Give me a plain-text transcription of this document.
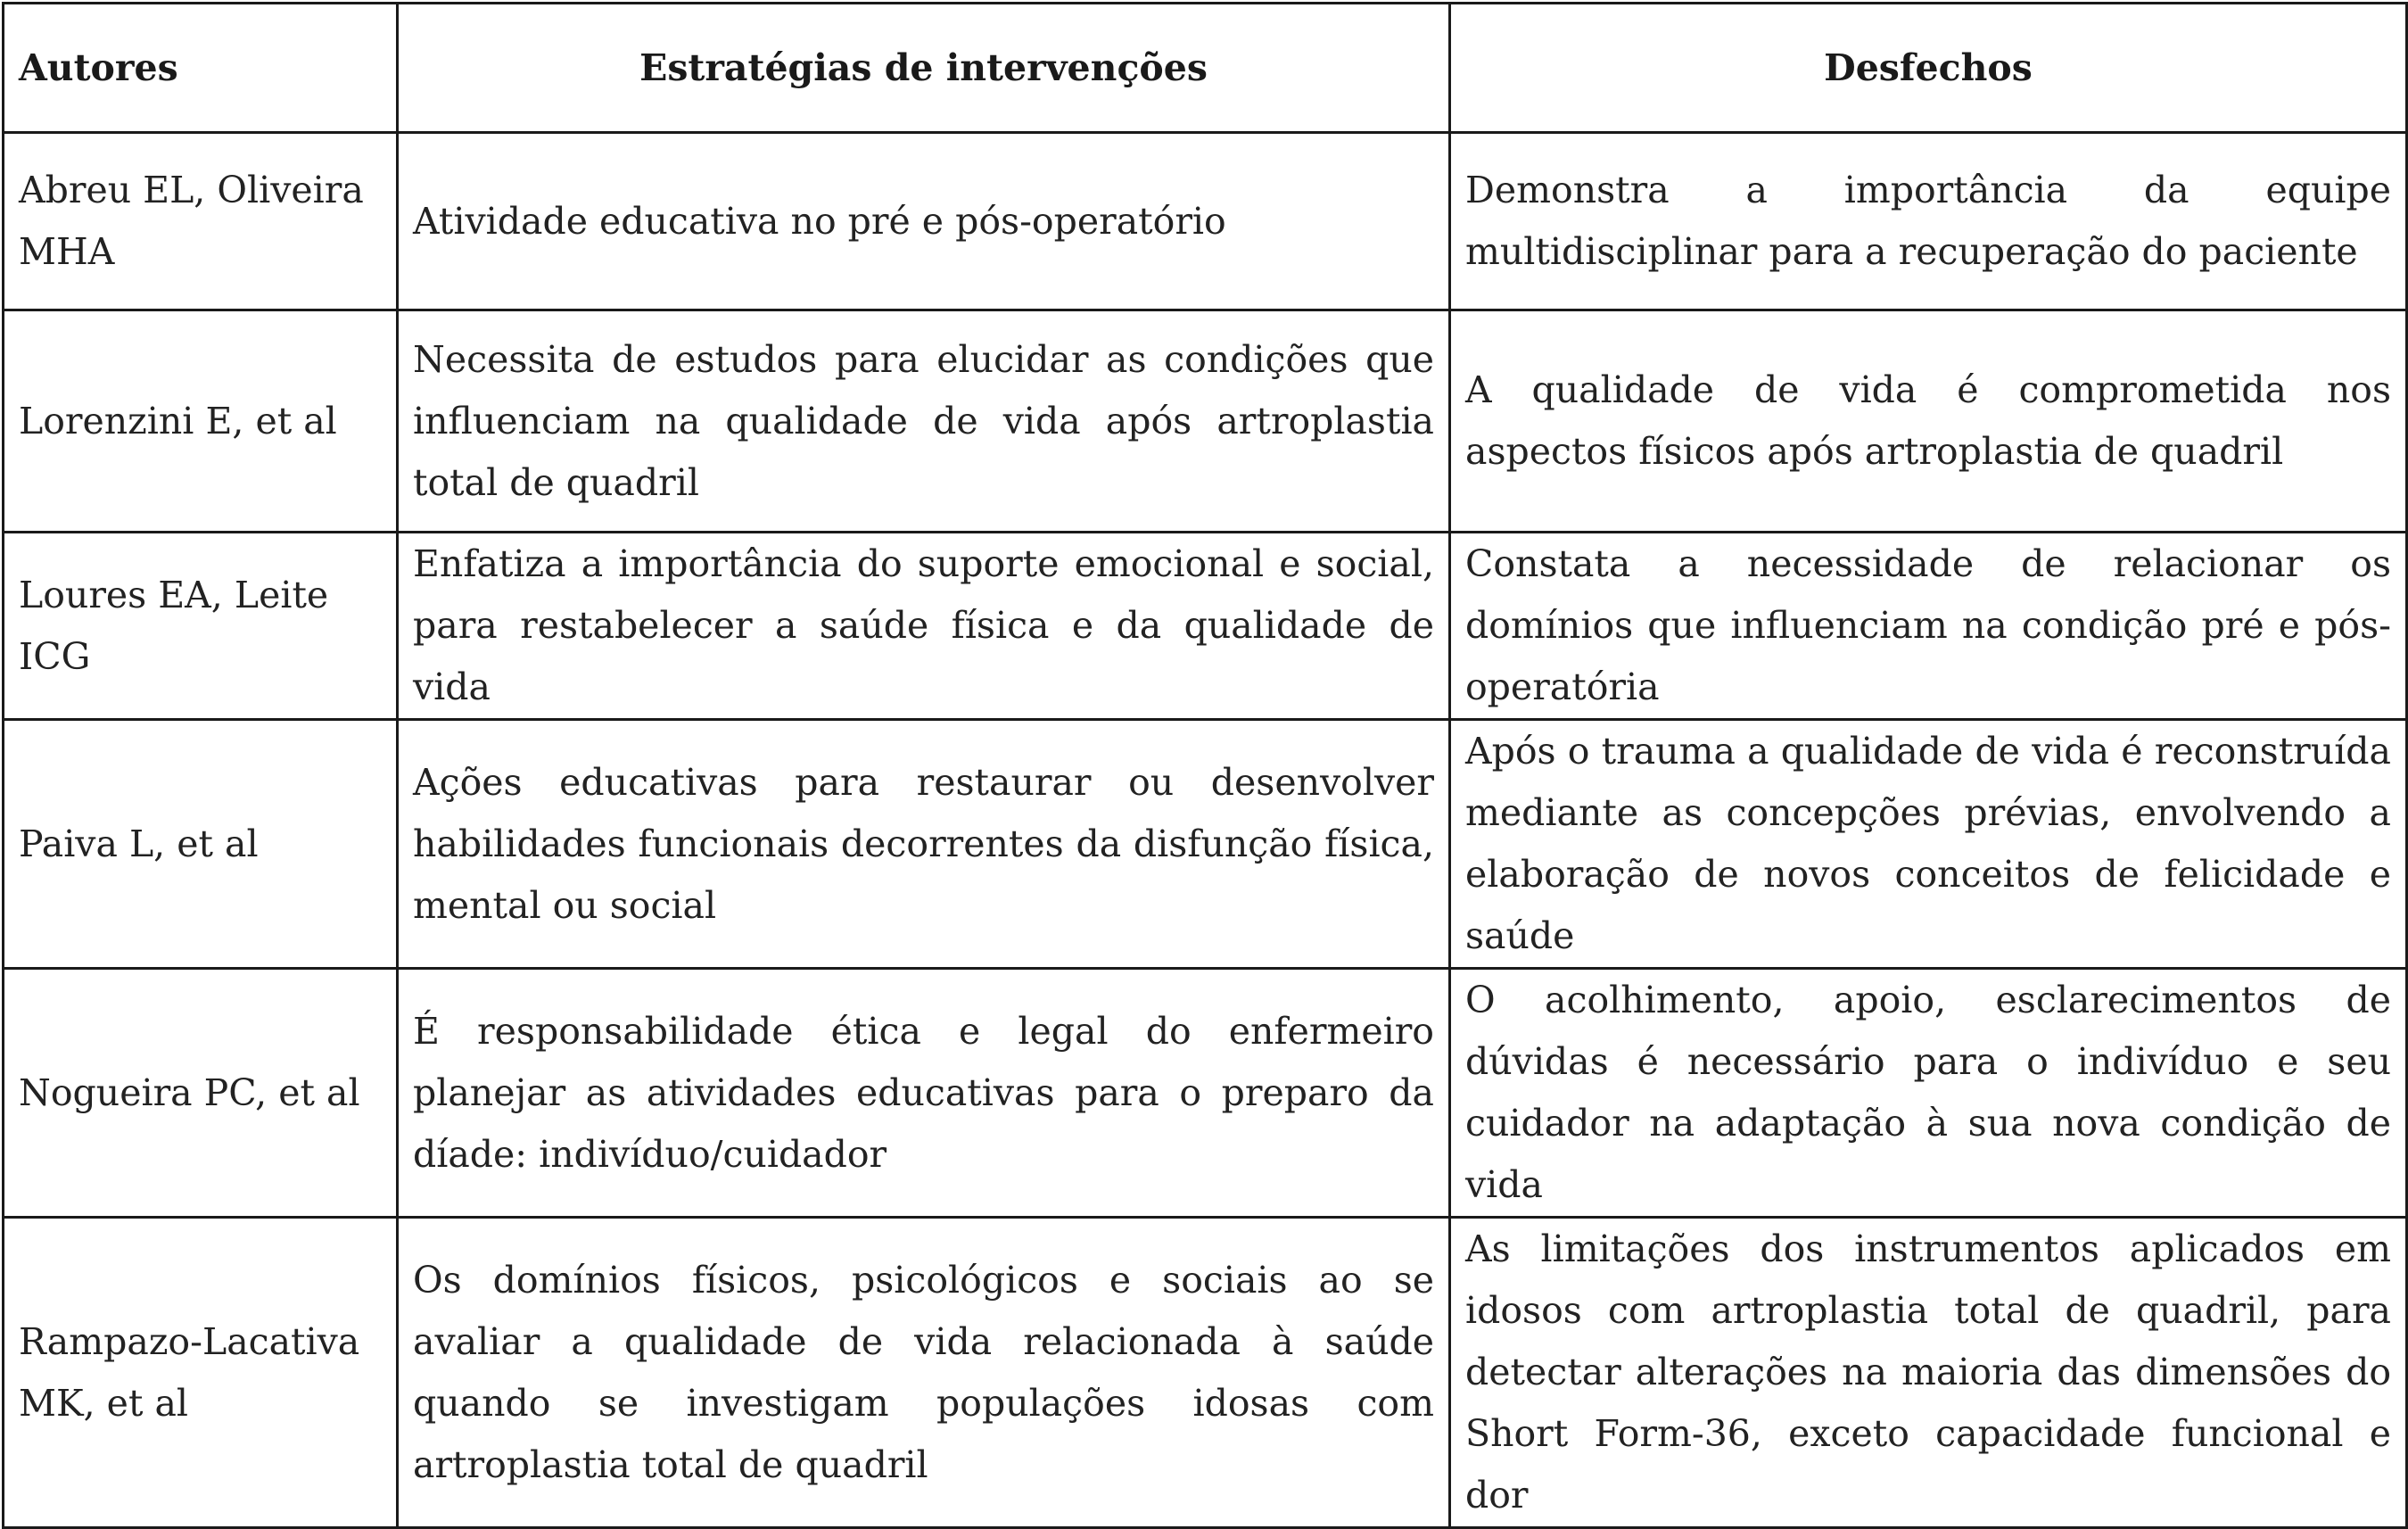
Autores	Estratégias de intervenções	Desfechos
Abreu EL, Oliveira MHA	Atividade educativa no pré e pós-operatório	Demonstra a importância da equipe multidisciplinar para a recuperação do paciente
Lorenzini E, et al	Necessita de estudos para elucidar as condições que influenciam na qualidade de vida após artroplastia total de quadril	A qualidade de vida é comprometida nos aspectos físicos após artroplastia de quadril
Loures EA, Leite ICG	Enfatiza a importância do suporte emocional e social, para restabelecer a saúde física e da qualidade de vida	Constata a necessidade de relacionar os domínios que influenciam na condição pré e pós-operatória
Paiva L, et al	Ações educativas para restaurar ou desenvolver habilidades funcionais decorrentes da disfunção física, mental ou social	Após o trauma a qualidade de vida é reconstruída mediante as concepções prévias, envolvendo a elaboração de novos conceitos de felicidade e saúde
Nogueira PC, et al	É responsabilidade ética e legal do enfermeiro planejar as atividades educativas para o preparo da díade: indivíduo/cuidador	O acolhimento, apoio, esclarecimentos de dúvidas é necessário para o indivíduo e seu cuidador na adaptação à sua nova condição de vida
Rampazo-Lacativa MK, et al	Os domínios físicos, psicológicos e sociais ao se avaliar a qualidade de vida relacionada à saúde quando se investigam populações idosas com artroplastia total de quadril	As limitações dos instrumentos aplicados em idosos com artroplastia total de quadril, para detectar alterações na maioria das dimensões do Short Form-36, exceto capacidade funcional e dor
